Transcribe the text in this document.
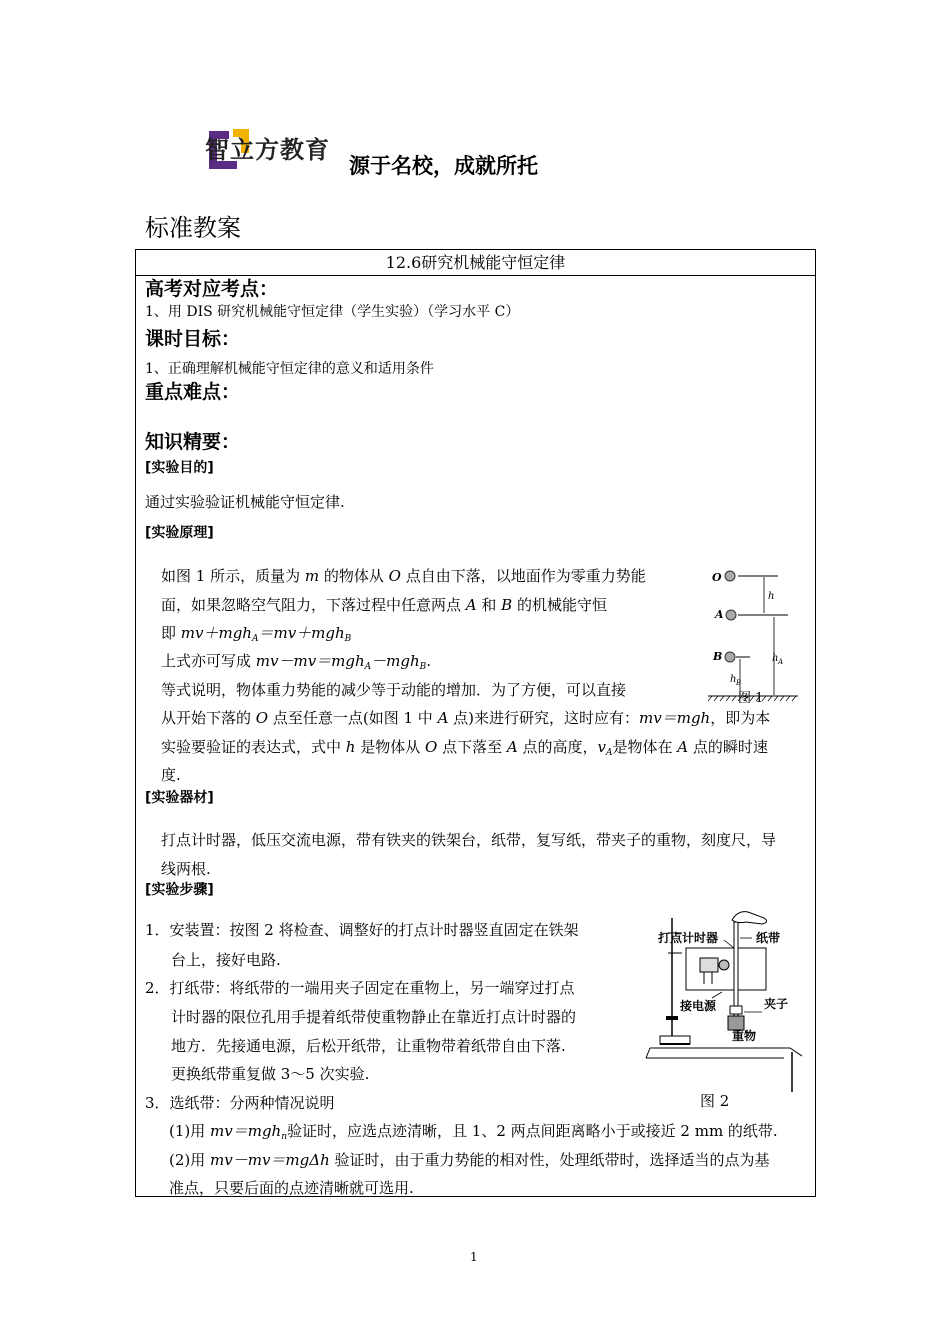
智立方教育
源于名校，成就所托
标准教案
12.6研究机械能守恒定律
高考对应考点：
1、用 DIS 研究机械能守恒定律（学生实验）（学习水平 C）
课时目标：
1、正确理解机械能守恒定律的意义和适用条件
重点难点：
知识精要：
[实验目的]
通过实验验证机械能守恒定律.
[实验原理]
如图 1 所示，质量为 m 的物体从 O 点自由下落，以地面作为零重力势能
面，如果忽略空气阻力，下落过程中任意两点 A 和 B 的机械能守恒
即 mv＋mgh$_A$＝mv＋mgh$_B$
上式亦可写成 mv－mv＝mgh$_A$－mgh$_B$.
等式说明，物体重力势能的减少等于动能的增加．为了方便，可以直接
从开始下落的 O 点至任意一点(如图 1 中 A 点)来进行研究，这时应有：mv＝mgh，即为本
实验要验证的表达式，式中 h 是物体从 O 点下落至 A 点的高度，$v_A$是物体在 A 点的瞬时速
度.
O
A
h
B	h A
h B
图 1
[实验器材]
打点计时器，低压交流电源，带有铁夹的铁架台，纸带，复写纸，带夹子的重物，刻度尺，导
线两根.
[实验步骤]
1．安装置：按图 2 将检查、调整好的打点计时器竖直固定在铁架
台上，接好电路.
2．打纸带：将纸带的一端用夹子固定在重物上，另一端穿过打点
计时器的限位孔用手提着纸带使重物静止在靠近打点计时器的
地方．先接通电源，后松开纸带，让重物带着纸带自由下落.
更换纸带重复做 3～5 次实验.
3．选纸带：分两种情况说明
(1)用 mv＝mgh$_n$验证时，应选点迹清晰，且 1、2 两点间距离略小于或接近 2 mm 的纸带.
(2)用 mv－mv＝mgΔh 验证时，由于重力势能的相对性，处理纸带时，选择适当的点为基
准点，只要后面的点迹清晰就可选用.
打点计时器	纸带
接电源	夹子
重物
图 2
1
